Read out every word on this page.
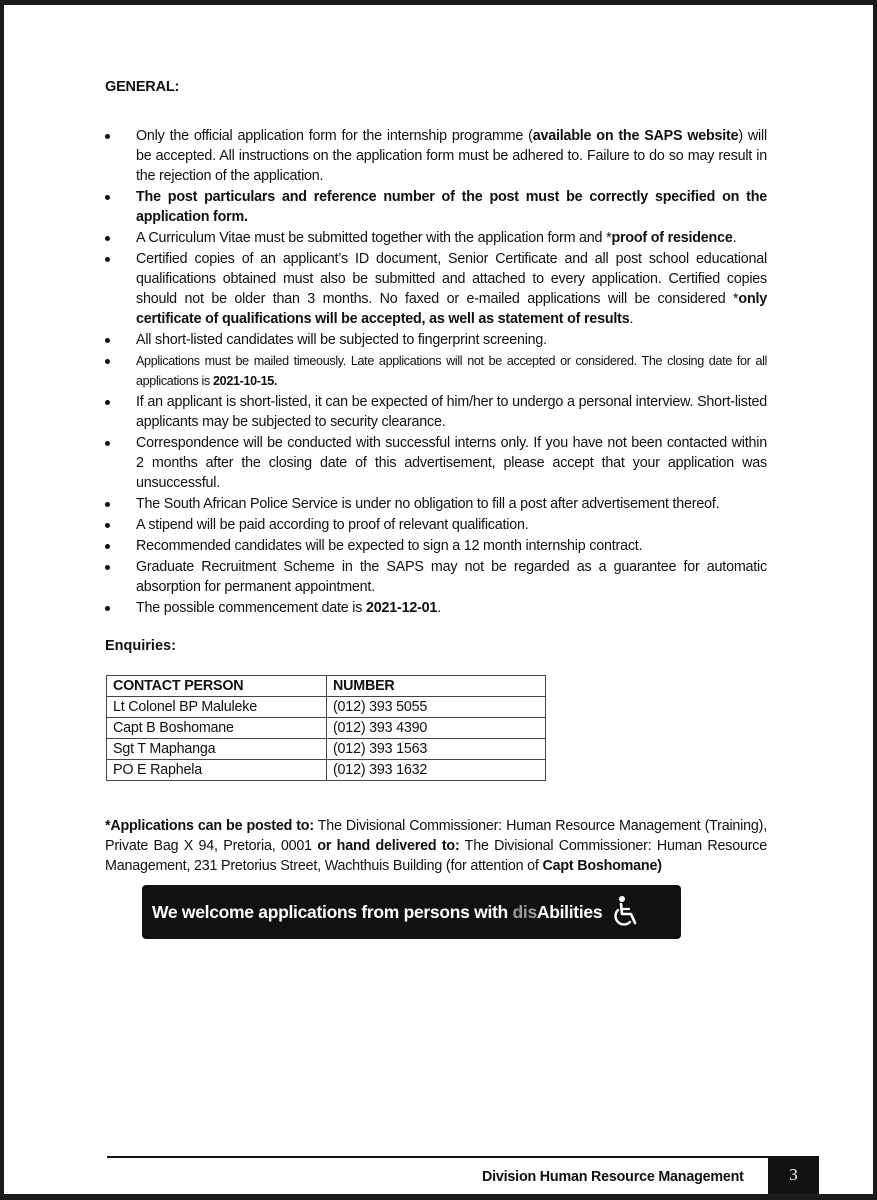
GENERAL:
Only the official application form for the internship programme (available on the SAPS website) will be accepted. All instructions on the application form must be adhered to. Failure to do so may result in the rejection of the application.
The post particulars and reference number of the post must be correctly specified on the application form.
A Curriculum Vitae must be submitted together with the application form and *proof of residence.
Certified copies of an applicant’s ID document, Senior Certificate and all post school educational qualifications obtained must also be submitted and attached to every application. Certified copies should not be older than 3 months. No faxed or e-mailed applications will be considered *only certificate of qualifications will be accepted, as well as statement of results.
All short-listed candidates will be subjected to fingerprint screening.
Applications must be mailed timeously. Late applications will not be accepted or considered. The closing date for all applications is 2021-10-15.
If an applicant is short-listed, it can be expected of him/her to undergo a personal interview. Short-listed applicants may be subjected to security clearance.
Correspondence will be conducted with successful interns only. If you have not been contacted within 2 months after the closing date of this advertisement, please accept that your application was unsuccessful.
The South African Police Service is under no obligation to fill a post after advertisement thereof.
A stipend will be paid according to proof of relevant qualification.
Recommended candidates will be expected to sign a 12 month internship contract.
Graduate Recruitment Scheme in the SAPS may not be regarded as a guarantee for automatic absorption for permanent appointment.
The possible commencement date is 2021-12-01.
Enquiries:
CONTACT PERSON	NUMBER
Lt Colonel BP Maluleke	(012) 393 5055
Capt B Boshomane	(012) 393 4390
Sgt T Maphanga	(012) 393 1563
PO E Raphela	(012) 393 1632

*Applications can be posted to: The Divisional Commissioner: Human Resource Management (Training), Private Bag X 94, Pretoria, 0001 or hand delivered to: The Divisional Commissioner: Human Resource Management, 231 Pretorius Street, Wachthuis Building (for attention of Capt Boshomane)

We welcome applications from persons with disAbilities
Division Human Resource Management	3
